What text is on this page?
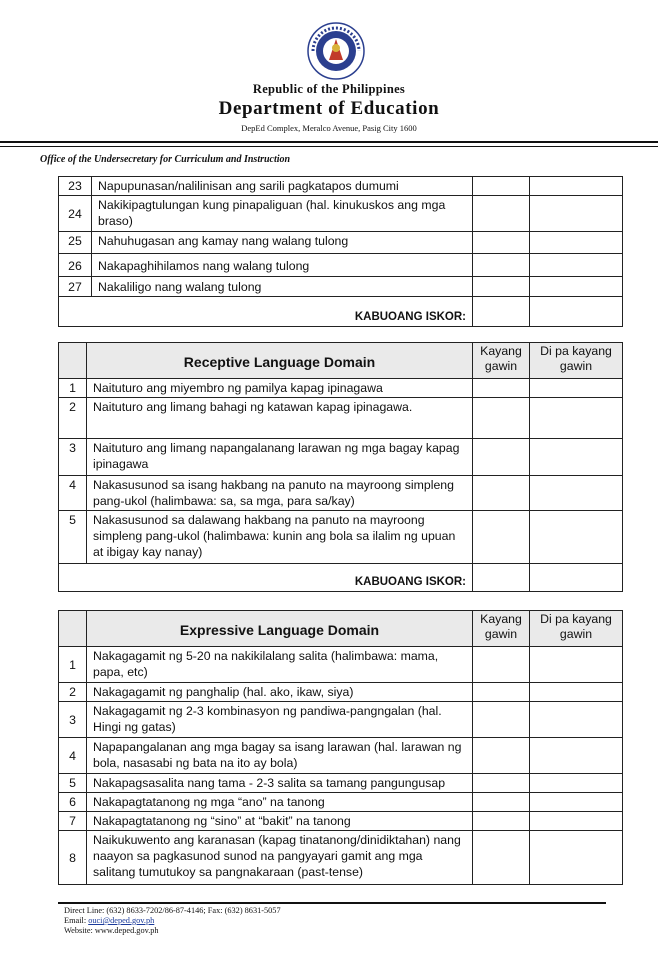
Republic of the Philippines
Department of Education
DepEd Complex, Meralco Avenue, Pasig City 1600
Office of the Undersecretary for Curriculum and Instruction
23	Napupunasan/nalilinisan ang sarili pagkatapos dumumi		
24	Nakikipagtulungan kung pinapaliguan (hal. kinukuskos ang mga braso)		
25	Nahuhugasan ang kamay nang walang tulong		
26	Nakapaghihilamos nang walang tulong		
27	Nakaliligo nang walang tulong		
KABUOANG ISKOR:			
	Receptive Language Domain	Kayang gawin	Di pa kayang gawin
1	Naituturo ang miyembro ng pamilya kapag ipinagawa		
2	Naituturo ang limang bahagi ng katawan kapag ipinagawa.		
3	Naituturo ang limang napangalanang larawan ng mga bagay kapag ipinagawa		
4	Nakasusunod sa isang hakbang na panuto na mayroong simpleng pang-ukol (halimbawa: sa, sa mga, para sa/kay)		
5	Nakasusunod sa dalawang hakbang na panuto na mayroong simpleng pang-ukol (halimbawa: kunin ang bola sa ilalim ng upuan at ibigay kay nanay)		
KABUOANG ISKOR:			
	Expressive Language Domain	Kayang gawin	Di pa kayang gawin
1	Nakagagamit ng 5-20 na nakikilalang salita (halimbawa: mama, papa, etc)		
2	Nakagagamit ng panghalip (hal. ako, ikaw, siya)		
3	Nakagagamit ng 2-3 kombinasyon ng pandiwa-pangngalan (hal. Hingi ng gatas)		
4	Napapangalanan ang mga bagay sa isang larawan (hal. larawan ng bola, nasasabi ng bata na ito ay bola)		
5	Nakapagsasalita nang tama - 2-3 salita sa tamang pangungusap		
6	Nakapagtatanong ng mga “ano” na tanong		
7	Nakapagtatanong ng “sino” at “bakit” na tanong		
8	Naikukuwento ang karanasan (kapag tinatanong/dinidiktahan) nang naayon sa pagkasunod sunod na pangyayari gamit ang mga salitang tumutukoy sa pangnakaraan (past-tense)		
Direct Line: (632) 8633-7202/86-87-4146; Fax: (632) 8631-5057
Email: ouci@deped.gov.ph
Website: www.deped.gov.ph
